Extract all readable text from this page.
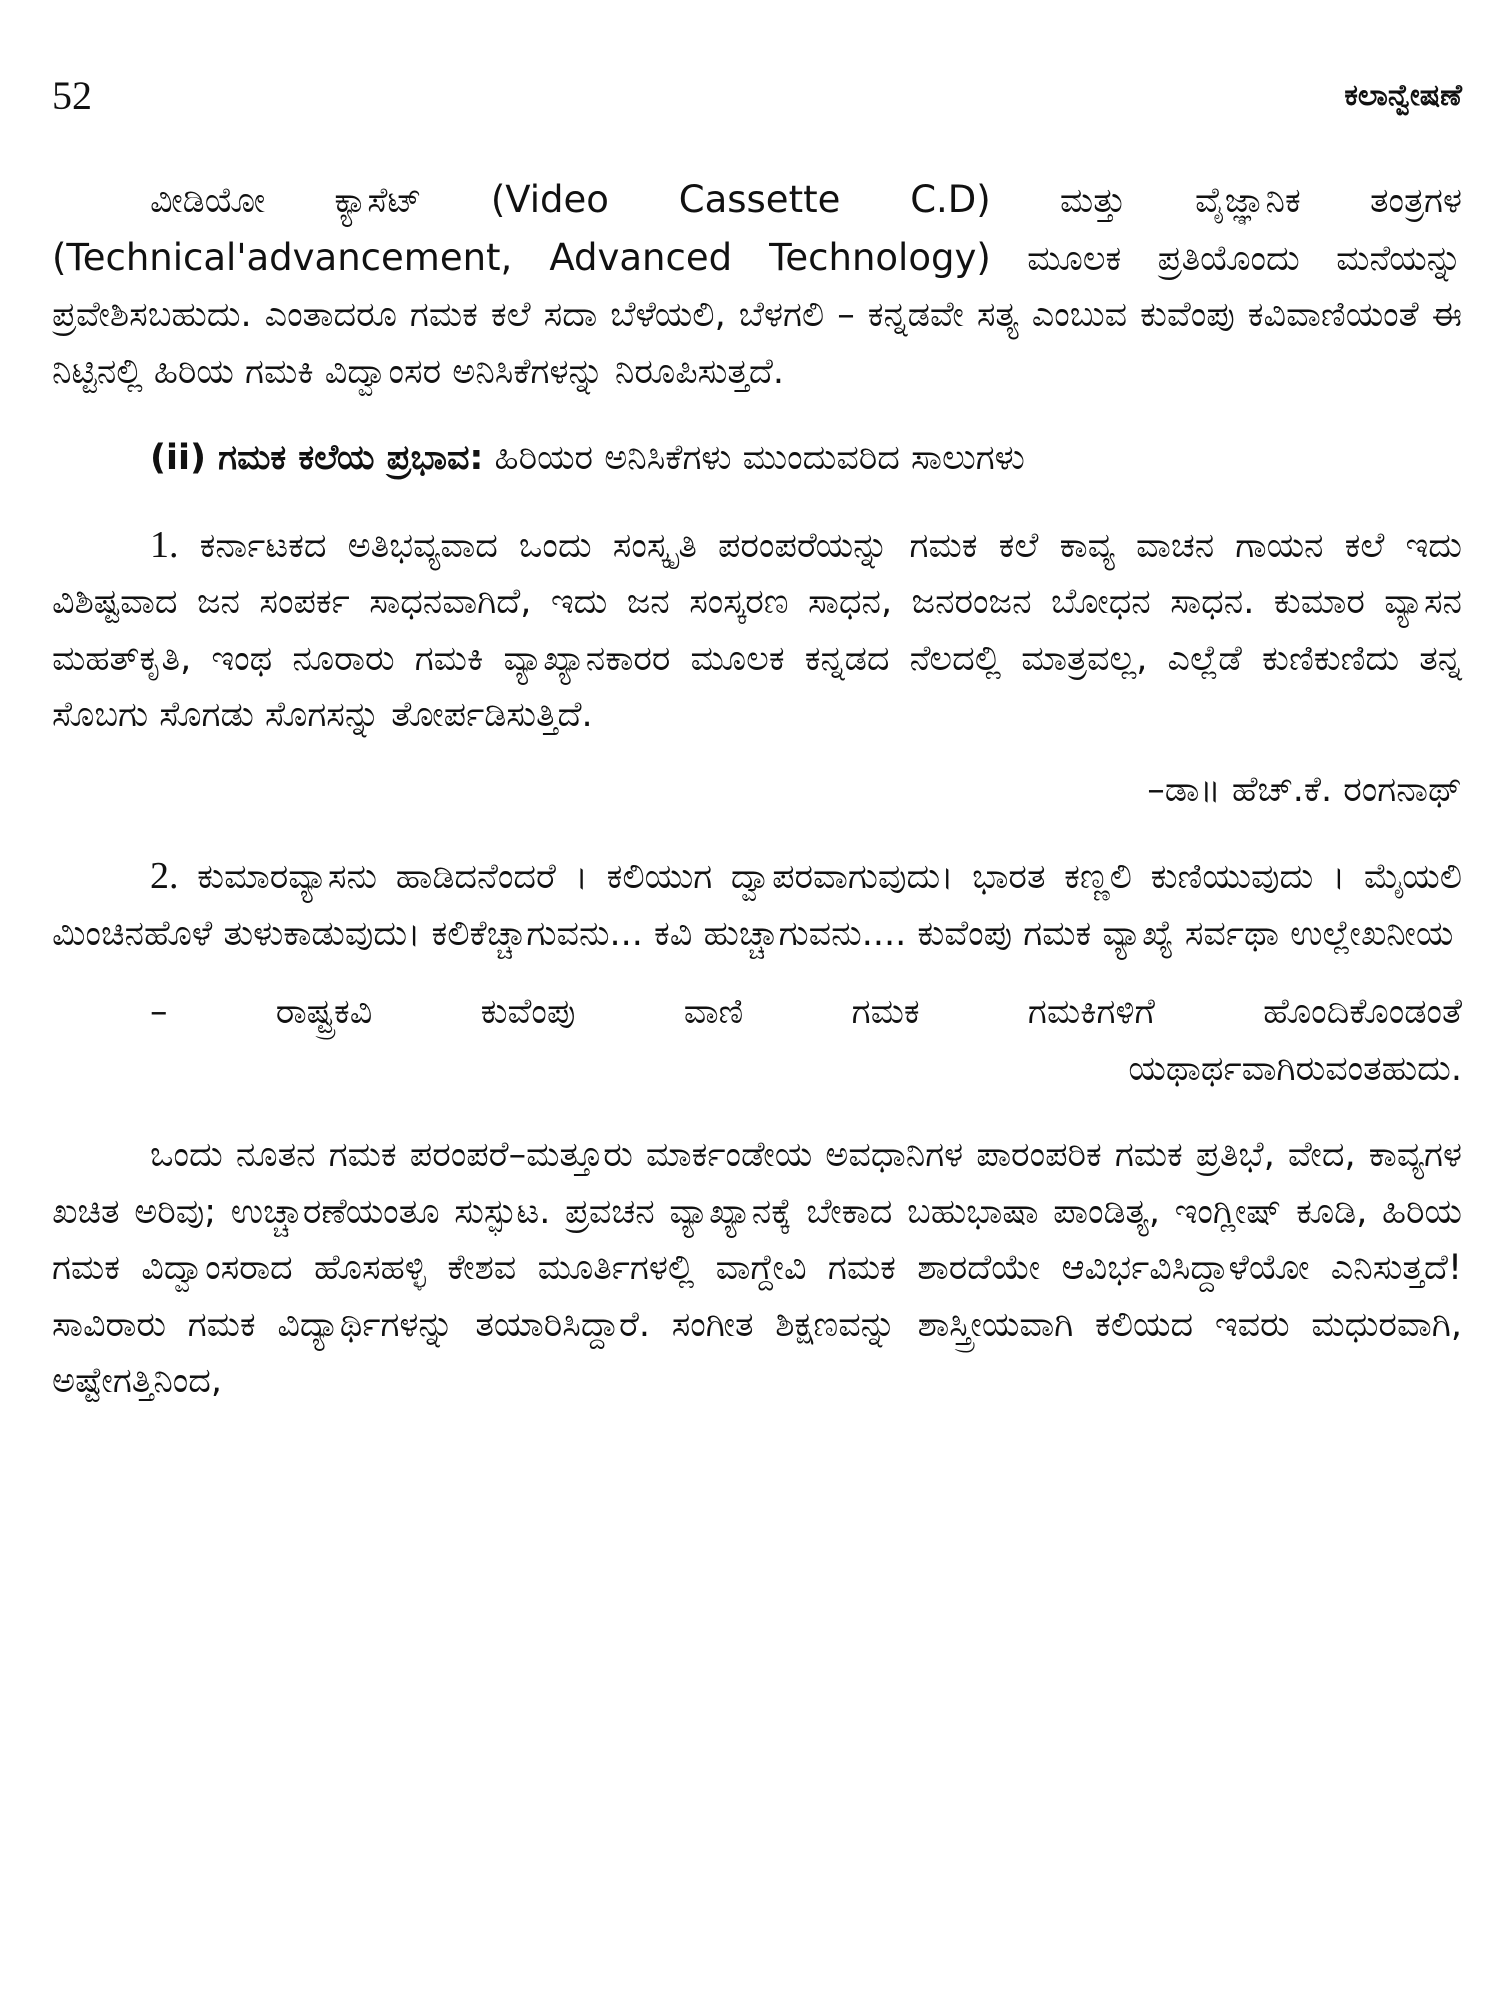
52	ಕಲಾನ್ವೇಷಣೆ

ವೀಡಿಯೋ ಕ್ಯಾಸೆಟ್ (Video Cassette C.D) ಮತ್ತು ವೈಜ್ಞಾನಿಕ ತಂತ್ರಗಳ (Technical'advancement, Advanced Technology) ಮೂಲಕ ಪ್ರತಿಯೊಂದು ಮನೆಯನ್ನು ಪ್ರವೇಶಿಸಬಹುದು. ಎಂತಾದರೂ ಗಮಕ ಕಲೆ ಸದಾ ಬೆಳೆಯಲಿ, ಬೆಳಗಲಿ – ಕನ್ನಡವೇ ಸತ್ಯ ಎಂಬುವ ಕುವೆಂಪು ಕವಿವಾಣಿಯಂತೆ ಈ ನಿಟ್ಟಿನಲ್ಲಿ ಹಿರಿಯ ಗಮಕಿ ವಿದ್ವಾಂಸರ ಅನಿಸಿಕೆಗಳನ್ನು ನಿರೂಪಿಸುತ್ತದೆ.

(ii) ಗಮಕ ಕಲೆಯ ಪ್ರಭಾವ: ಹಿರಿಯರ ಅನಿಸಿಕೆಗಳು ಮುಂದುವರಿದ ಸಾಲುಗಳು

1. ಕರ್ನಾಟಕದ ಅತಿಭವ್ಯವಾದ ಒಂದು ಸಂಸ್ಕೃತಿ ಪರಂಪರೆಯನ್ನು ಗಮಕ ಕಲೆ ಕಾವ್ಯ ವಾಚನ ಗಾಯನ ಕಲೆ ಇದು ವಿಶಿಷ್ಟವಾದ ಜನ ಸಂಪರ್ಕ ಸಾಧನವಾಗಿದೆ, ಇದು ಜನ ಸಂಸ್ಕರಣ ಸಾಧನ, ಜನರಂಜನ ಬೋಧನ ಸಾಧನ. ಕುಮಾರ ವ್ಯಾಸನ ಮಹತ್‌ಕೃತಿ, ಇಂಥ ನೂರಾರು ಗಮಕಿ ವ್ಯಾಖ್ಯಾನಕಾರರ ಮೂಲಕ ಕನ್ನಡದ ನೆಲದಲ್ಲಿ ಮಾತ್ರವಲ್ಲ, ಎಲ್ಲೆಡೆ ಕುಣಿಕುಣಿದು ತನ್ನ ಸೊಬಗು ಸೊಗಡು ಸೊಗಸನ್ನು ತೋರ್ಪಡಿಸುತ್ತಿದೆ.

–ಡಾ॥ ಹೆಚ್.ಕೆ. ರಂಗನಾಥ್

2. ಕುಮಾರವ್ಯಾಸನು ಹಾಡಿದನೆಂದರೆ । ಕಲಿಯುಗ ದ್ವಾಪರವಾಗುವುದು। ಭಾರತ ಕಣ್ಣಲಿ ಕುಣಿಯುವುದು । ಮೈಯಲಿ ಮಿಂಚಿನಹೊಳೆ ತುಳುಕಾಡುವುದು। ಕಲಿಕೆಚ್ಚಾಗುವನು... ಕವಿ ಹುಚ್ಚಾಗುವನು.... ಕುವೆಂಪು ಗಮಕ ವ್ಯಾಖ್ಯೆ ಸರ್ವಥಾ ಉಲ್ಲೇಖನೀಯ

– ರಾಷ್ಟ್ರಕವಿ ಕುವೆಂಪು ವಾಣಿ ಗಮಕ ಗಮಕಿಗಳಿಗೆ ಹೊಂದಿಕೊಂಡಂತೆ
ಯಥಾರ್ಥವಾಗಿರುವಂತಹುದು.

ಒಂದು ನೂತನ ಗಮಕ ಪರಂಪರೆ–ಮತ್ತೂರು ಮಾರ್ಕಂಡೇಯ ಅವಧಾನಿಗಳ ಪಾರಂಪರಿಕ ಗಮಕ ಪ್ರತಿಭೆ, ವೇದ, ಕಾವ್ಯಗಳ ಖಚಿತ ಅರಿವು; ಉಚ್ಚಾರಣೆಯಂತೂ ಸುಸ್ಫುಟ. ಪ್ರವಚನ ವ್ಯಾಖ್ಯಾನಕ್ಕೆ ಬೇಕಾದ ಬಹುಭಾಷಾ ಪಾಂಡಿತ್ಯ, ಇಂಗ್ಲೀಷ್ ಕೂಡಿ, ಹಿರಿಯ ಗಮಕ ವಿದ್ವಾಂಸರಾದ ಹೊಸಹಳ್ಳಿ ಕೇಶವ ಮೂರ್ತಿಗಳಲ್ಲಿ ವಾಗ್ದೇವಿ ಗಮಕ ಶಾರದೆಯೇ ಆವಿರ್ಭವಿಸಿದ್ದಾಳೆಯೋ ಎನಿಸುತ್ತದೆ! ಸಾವಿರಾರು ಗಮಕ ವಿದ್ಯಾರ್ಥಿಗಳನ್ನು ತಯಾರಿಸಿದ್ದಾರೆ. ಸಂಗೀತ ಶಿಕ್ಷಣವನ್ನು ಶಾಸ್ತ್ರೀಯವಾಗಿ ಕಲಿಯದ ಇವರು ಮಧುರವಾಗಿ, ಅಷ್ಟೇಗತ್ತಿನಿಂದ,
